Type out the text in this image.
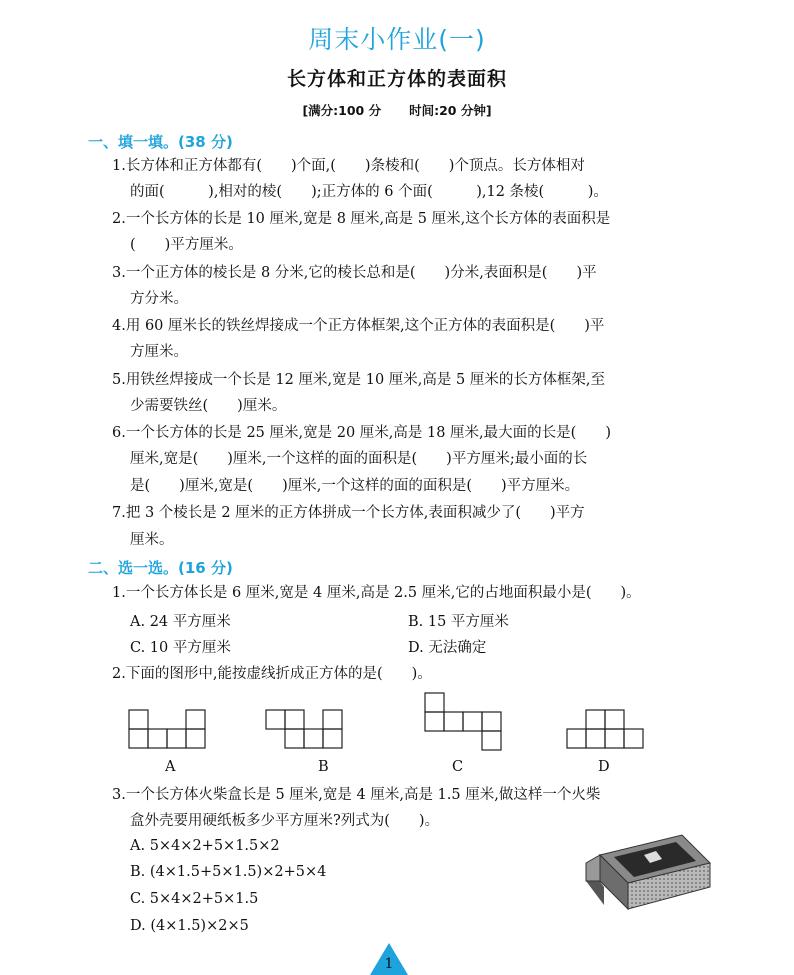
周末小作业(一)
长方体和正方体的表面积
[满分:100 分 时间:20 分钟]
一、填一填。(38 分)
1.长方体和正方体都有(　　)个面,(　　)条棱和(　　)个顶点。长方体相对
的面(　　　),相对的棱(　　);正方体的 6 个面(　　　),12 条棱(　　　)。
2.一个长方体的长是 10 厘米,宽是 8 厘米,高是 5 厘米,这个长方体的表面积是
(　　)平方厘米。
3.一个正方体的棱长是 8 分米,它的棱长总和是(　　)分米,表面积是(　　)平
方分米。
4.用 60 厘米长的铁丝焊接成一个正方体框架,这个正方体的表面积是(　　)平
方厘米。
5.用铁丝焊接成一个长是 12 厘米,宽是 10 厘米,高是 5 厘米的长方体框架,至
少需要铁丝(　　)厘米。
6.一个长方体的长是 25 厘米,宽是 20 厘米,高是 18 厘米,最大面的长是(　　)
厘米,宽是(　　)厘米,一个这样的面的面积是(　　)平方厘米;最小面的长
是(　　)厘米,宽是(　　)厘米,一个这样的面的面积是(　　)平方厘米。
7.把 3 个棱长是 2 厘米的正方体拼成一个长方体,表面积减少了(　　)平方
厘米。
二、选一选。(16 分)
1.一个长方体长是 6 厘米,宽是 4 厘米,高是 2.5 厘米,它的占地面积最小是(　　)。
A. 24 平方厘米	B. 15 平方厘米
C. 10 平方厘米	D. 无法确定
2.下面的图形中,能按虚线折成正方体的是(　　)。
A	B	C	D
3.一个长方体火柴盒长是 5 厘米,宽是 4 厘米,高是 1.5 厘米,做这样一个火柴
盒外壳要用硬纸板多少平方厘米?列式为(　　)。
A. 5×4×2+5×1.5×2
B. (4×1.5+5×1.5)×2+5×4
C. 5×4×2+5×1.5
D. (4×1.5)×2×5
1
